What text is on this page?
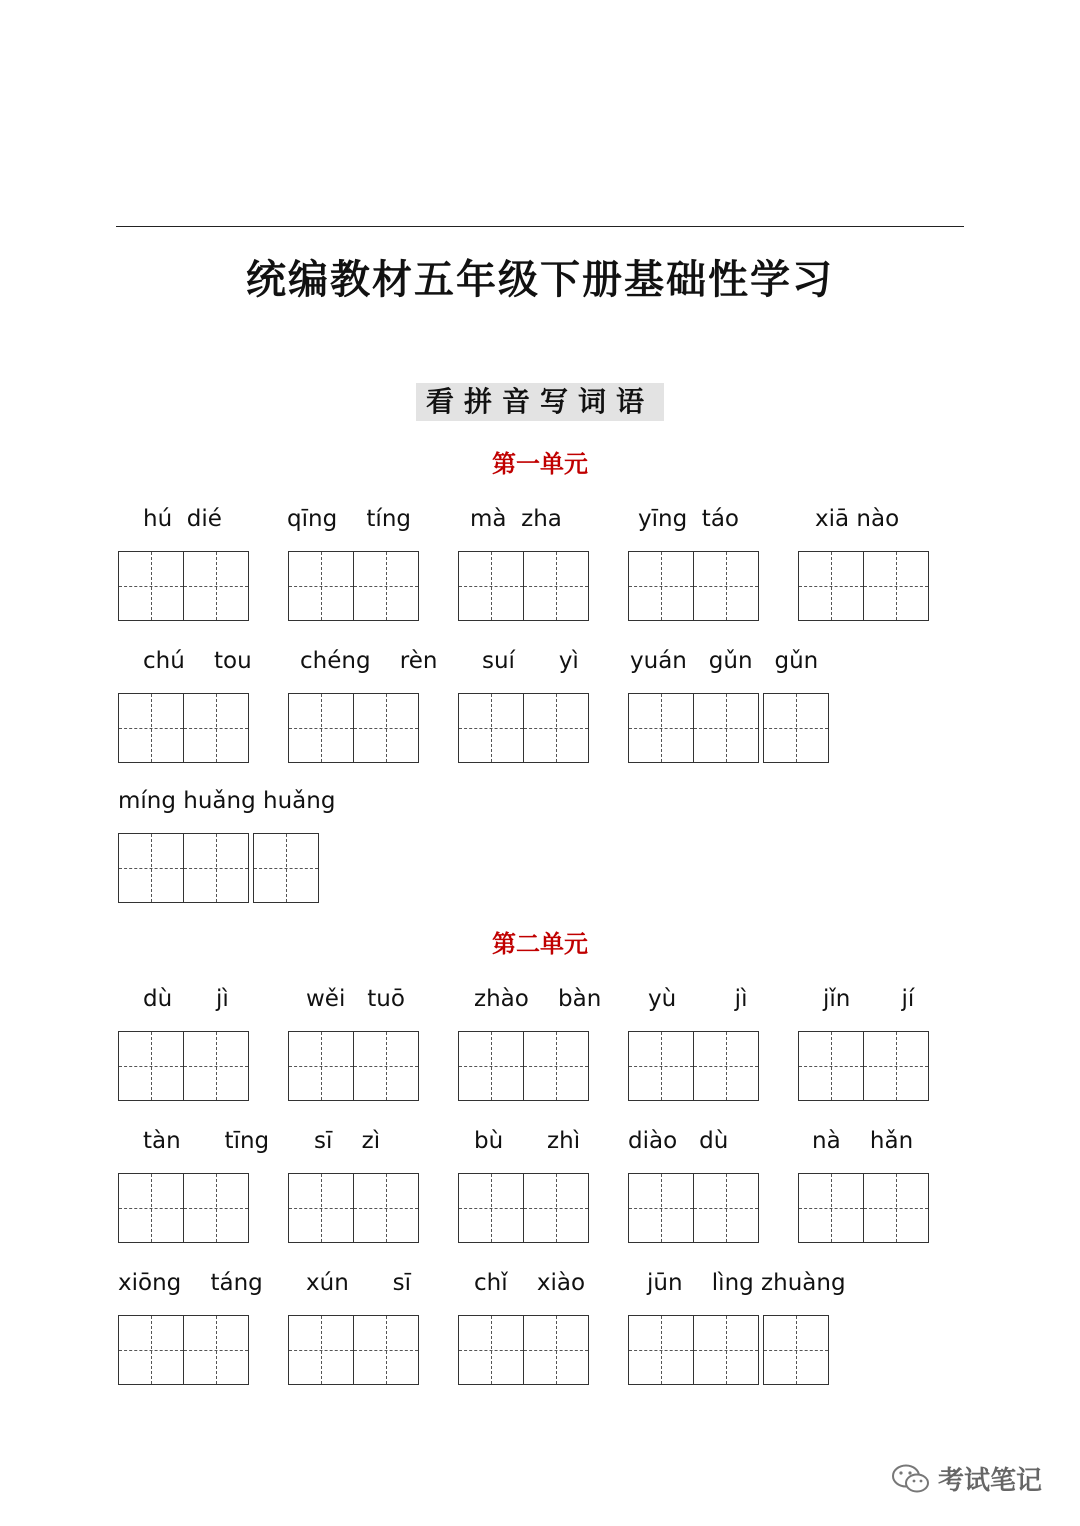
统编教材五年级下册基础性学习
看拼音写词语
第一单元
hú  dié	qīng    tíng	mà  zha	yīng  táo	xiā nào
chú    tou chéng    rèn suí      yì yuán   gǔn   gǔn
míng huǎng huǎng
第二单元
dù      jì	wěi   tuō	zhào    bàn yù        jì	jǐn       jí
tàn      tīng sī    zì	bù      zhì diào   dù	nà    hǎn
xiōng    táng xún      sī	chǐ    xiào	jūn    lìng zhuàng
考试笔记
